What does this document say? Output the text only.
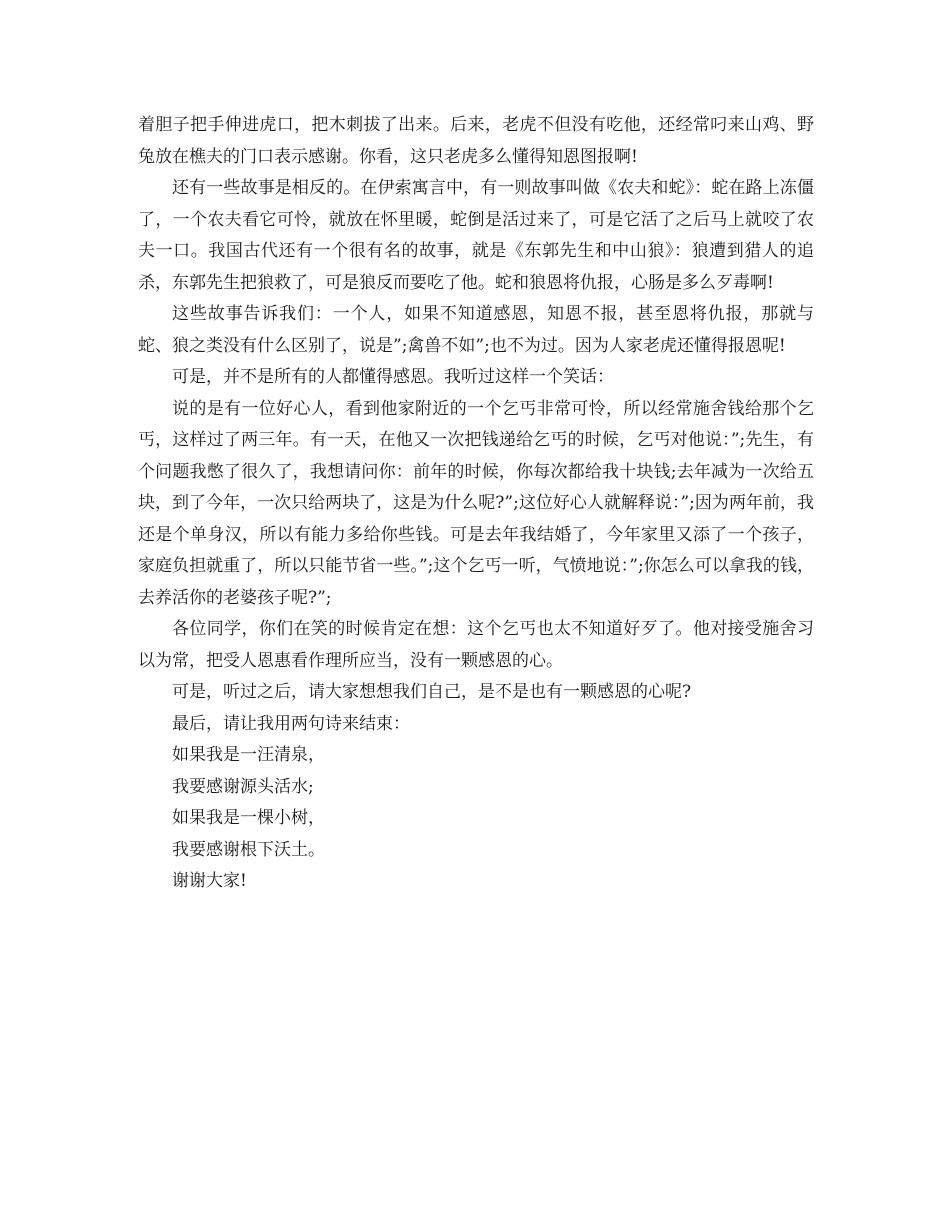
着胆子把手伸进虎口，把木刺拔了出来。后来，老虎不但没有吃他，还经常叼来山鸡、野兔放在樵夫的门口表示感谢。你看，这只老虎多么懂得知恩图报啊!

还有一些故事是相反的。在伊索寓言中，有一则故事叫做《农夫和蛇》：蛇在路上冻僵了，一个农夫看它可怜，就放在怀里暖，蛇倒是活过来了，可是它活了之后马上就咬了农夫一口。我国古代还有一个很有名的故事，就是《东郭先生和中山狼》：狼遭到猎人的追杀，东郭先生把狼救了，可是狼反而要吃了他。蛇和狼恩将仇报，心肠是多么歹毒啊!

这些故事告诉我们：一个人，如果不知道感恩，知恩不报，甚至恩将仇报，那就与蛇、狼之类没有什么区别了，说是”;禽兽不如”;也不为过。因为人家老虎还懂得报恩呢!

可是，并不是所有的人都懂得感恩。我听过这样一个笑话：

说的是有一位好心人，看到他家附近的一个乞丐非常可怜，所以经常施舍钱给那个乞丐，这样过了两三年。有一天，在他又一次把钱递给乞丐的时候，乞丐对他说：”;先生，有个问题我憋了很久了，我想请问你：前年的时候，你每次都给我十块钱;去年减为一次给五块，到了今年，一次只给两块了，这是为什么呢?”;这位好心人就解释说：”;因为两年前，我还是个单身汉，所以有能力多给你些钱。可是去年我结婚了，今年家里又添了一个孩子，家庭负担就重了，所以只能节省一些。”;这个乞丐一听，气愤地说：”;你怎么可以拿我的钱，去养活你的老婆孩子呢?”;

各位同学，你们在笑的时候肯定在想：这个乞丐也太不知道好歹了。他对接受施舍习以为常，把受人恩惠看作理所应当，没有一颗感恩的心。

可是，听过之后，请大家想想我们自己，是不是也有一颗感恩的心呢?

最后，请让我用两句诗来结束：

如果我是一汪清泉，

我要感谢源头活水;

如果我是一棵小树，

我要感谢根下沃土。

谢谢大家!
